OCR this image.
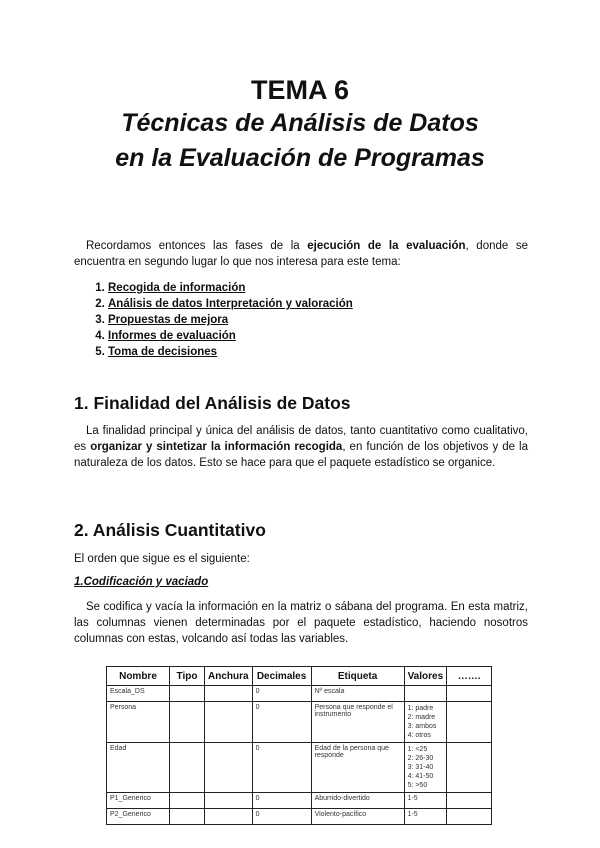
TEMA 6

Técnicas de Análisis de Datos

en la Evaluación de Programas

Recordamos entonces las fases de la ejecución de la evaluación, donde se encuentra en segundo lugar lo que nos interesa para este tema:

1. Recogida de información
2. Análisis de datos Interpretación y valoración
3. Propuestas de mejora
4. Informes de evaluación
5. Toma de decisiones

1. Finalidad del Análisis de Datos

La finalidad principal y única del análisis de datos, tanto cuantitativo como cualitativo, es organizar y sintetizar la información recogida, en función de los objetivos y de la naturaleza de los datos. Esto se hace para que el paquete estadístico se organice.

2. Análisis Cuantitativo

El orden que sigue es el siguiente:

1.Codificación y vaciado

Se codifica y vacía la información en la matriz o sábana del programa. En esta matriz, las columnas vienen determinadas por el paquete estadístico, haciendo nosotros columnas con estas, volcando así todas las variables.

Nombre	Tipo	Anchura	Decimales	Etiqueta	Valores	…….
Escala_DS			0	Nº escala		
Persona			0	Persona que responde el instrumento	1: padre
2: madre
3: ambos
4: otros	

Edad			0	Edad de la persona que responde	1: <25
2: 26-30
3: 31-40
4: 41-50
5: >50	

P1_Generico			0	Aburrido-divertido	1-5	
P2_Generico			0	Violento-pacífico	1-5	
